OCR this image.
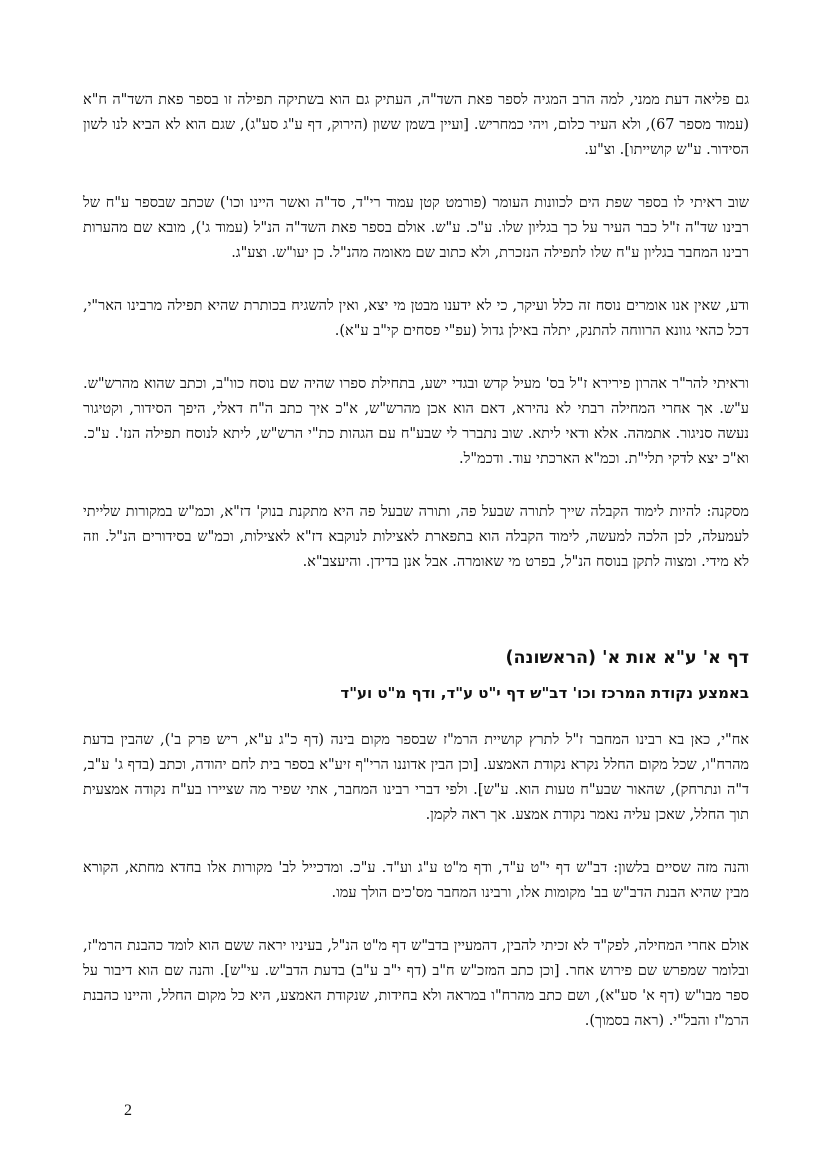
גם פליאה דעת ממני, למה הרב המגיה לספר פאת השד"ה, העתיק גם הוא בשתיקה תפילה זו בספר פאת השד"ה ח"א (עמוד מספר 67), ולא העיר כלום, ויהי כמחריש. [ועיין בשמן ששון (הירוק, דף ע"ג סע"ג), שגם הוא לא הביא לנו לשון הסידור. ע"ש קושייתו]. וצ"ע.

שוב ראיתי לו בספר שפת הים לכוונות העומר (פורמט קטן עמוד רי"ד, סד"ה ואשר היינו וכו') שכתב שבספר ע"ח של רבינו שד"ה ז"ל כבר העיר על כך בגליון שלו. ע"כ. ע"ש. אולם בספר פאת השד"ה הנ"ל (עמוד ג'), מובא שם מהערות רבינו המחבר בגליון ע"ח שלו לתפילה הנזכרת, ולא כתוב שם מאומה מהנ"ל. כן יעו"ש. וצע"ג.

ודע, שאין אנו אומרים נוסח זה כלל ועיקר, כי לא ידענו מבטן מי יצא, ואין להשגיח בכותרת שהיא תפילה מרבינו האר"י, דכל כהאי גוונא הרווחה להתנק, יתלה באילן גדול (עפ"י פסחים קי"ב ע"א).

וראיתי להר"ר אהרון פירירא ז"ל בס' מעיל קדש ובגדי ישע, בתחילת ספרו שהיה שם נוסח כוו"ב, וכתב שהוא מהרש"ש. ע"ש. אך אחרי המחילה רבתי לא נהירא, דאם הוא אכן מהרש"ש, א"כ איך כתב ה"ח דאלי, היפך הסידור, וקטיגור נעשה סניגור. אתמהה. אלא ודאי ליתא. שוב נתברר לי שבע"ח עם הגהות כת"י הרש"ש, ליתא לנוסח תפילה הנז'. ע"כ. וא"כ יצא לדקי תלי"ת. וכמ"א הארכתי עוד. ודכמ"ל.

מסקנה: להיות לימוד הקבלה שייך לתורה שבעל פה, ותורה שבעל פה היא מתקנת בנוק' דז"א, וכמ"ש במקורות שלייתי לעמעלה, לכן הלכה למעשה, לימוד הקבלה הוא בתפארת לאצילות לנוקבא דז"א לאצילות, וכמ"ש בסידורים הנ"ל. וזה לא מידי. ומצוה לתקן בנוסח הנ"ל, בפרט מי שאומרה. אבל אנן בדידן. והיעצב"א.

דף א' ע"א אות א' (הראשונה)

באמצע נקודת המרכז וכו' דב"ש דף י"ט ע"ד, ודף מ"ט וע"ד

אח"י, כאן בא רבינו המחבר ז"ל לתרץ קושיית הרמ"ז שבספר מקום בינה (דף כ"ג ע"א, ריש פרק ב'), שהבין בדעת מהרח"ו, שכל מקום החלל נקרא נקודת האמצע. [וכן הבין אדוננו הרי"ף זיע"א בספר בית לחם יהודה, וכתב (בדף ג' ע"ב, ד"ה ונתרחק), שהאור שבע"ח טעות הוא. ע"ש]. ולפי דברי רבינו המחבר, אתי שפיר מה שציירו בע"ח נקודה אמצעית תוך החלל, שאכן עליה נאמר נקודת אמצע. אך ראה לקמן.

והנה מזה שסיים בלשון: דב"ש דף י"ט ע"ד, ודף מ"ט ע"ג וע"ד. ע"כ. ומדכייל לב' מקורות אלו בחדא מחתא, הקורא מבין שהיא הבנת הדב"ש בב' מקומות אלו, ורבינו המחבר מס'כים הולך עמו.

אולם אחרי המחילה, לפק"ד לא זכיתי להבין, דהמעיין בדב"ש דף מ"ט הנ"ל, בעיניו יראה ששם הוא לומד כהבנת הרמ"ז, ובלומר שמפרש שם פירוש אחר. [וכן כתב המזכ"ש ח"ב (דף י"ב ע"ב) בדעת הדב"ש. עי"ש]. והנה שם הוא דיבור על ספר מבו"ש (דף א' סע"א), ושם כתב מהרח"ו במראה ולא בחידות, שנקודת האמצע, היא כל מקום החלל, והיינו כהבנת הרמ"ז והבל"י. (ראה בסמוך).

2
